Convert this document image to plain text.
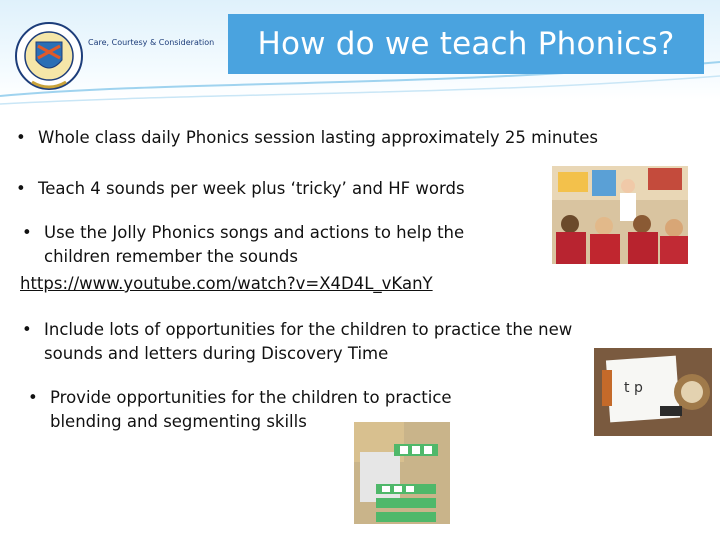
Care, Courtesy & Consideration	How do we teach Phonics?
• Whole class daily Phonics session lasting approximately 25 minutes
• Teach 4 sounds per week plus ‘tricky’ and HF words
• Use the Jolly Phonics songs and actions to help the
children remember the sounds
https://www.youtube.com/watch?v=X4D4L_vKanY
• Include lots of opportunities for the children to practice the new
sounds and letters during Discovery Time
• Provide opportunities for the children to practice
blending and segmenting skills
t p
